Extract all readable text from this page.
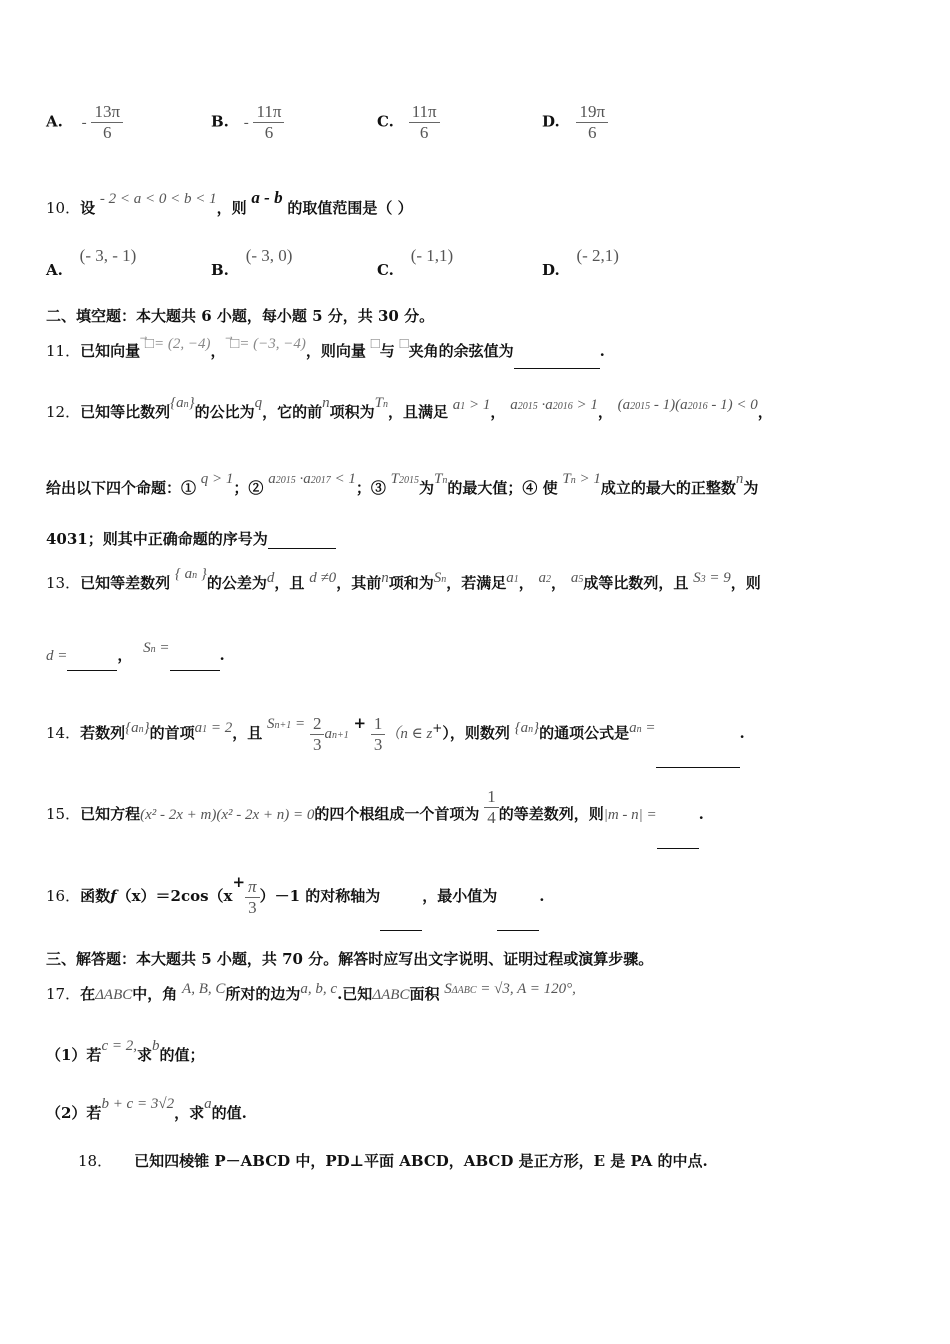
A. - $\frac{13\pi}{6}$	B. - $\frac{11\pi}{6}$	C. $\frac{11\pi}{6}$	D. $\frac{19\pi}{6}$
10．设 - 2 < a < 0 < b < 1，则 a - b 的取值范围是（ ）
A. (- 3, - 1)
B. (- 3, 0)
C. (- 1,1)
D. (- 2,1)
二、填空题：本大题共 6 小题，每小题 5 分，共 30 分。
11．已知向量 ⃗□= (2, −4)， ⃗□= (−3, −4)，则向量 □与 □夹角的余弦值为	.
12．已知等比数列{an}的公比为q，它的前n项积为Tn，且满足 a1 > 1， a2015 ·a2016 > 1， (a2015 - 1)(a2016 - 1) < 0，
给出以下四个命题：① q > 1；② a2015 ·a2017 < 1；③ T2015为Tn的最大值；④ 使 Tn > 1成立的最大的正整数n为
4031；则其中正确命题的序号为
13．已知等差数列 { an }的公差为d，且 d ≠0，其前n项和为Sn，若满足a1， a2， a5成等比数列，且 S3 = 9，则
d =	， Sn =	.
14．若数列{an}的首项a1 = 2，且 $Sn+1 = \frac{2}{3} an+1 + \frac{1}{3} (n$ ∈ z+），则数列 {an}的通项公式是an =	.
15．已知方程(x² - 2x + m)(x² - 2x + n) = 0的四个根组成一个首项为 $\frac{1}{4}$ 的等差数列，则|m - n| =	.
16．函数$f(x)=2\cos(x+ \frac{\pi}{3} )-1$ 的对称轴为	，最小值为	.
三、解答题：本大题共 5 小题，共 70 分。解答时应写出文字说明、证明过程或演算步骤。
17．在ΔABC中，角 A, B, C所对的边为a, b, c.已知ΔABC面积 SΔABC = √3, A = 120°,
（1）若c = 2,求b的值；
（2）若b + c = 3√2，求a的值.
18． 已知四棱锥 P－ABCD 中，PD⊥平面 ABCD，ABCD 是正方形，E 是 PA 的中点.
